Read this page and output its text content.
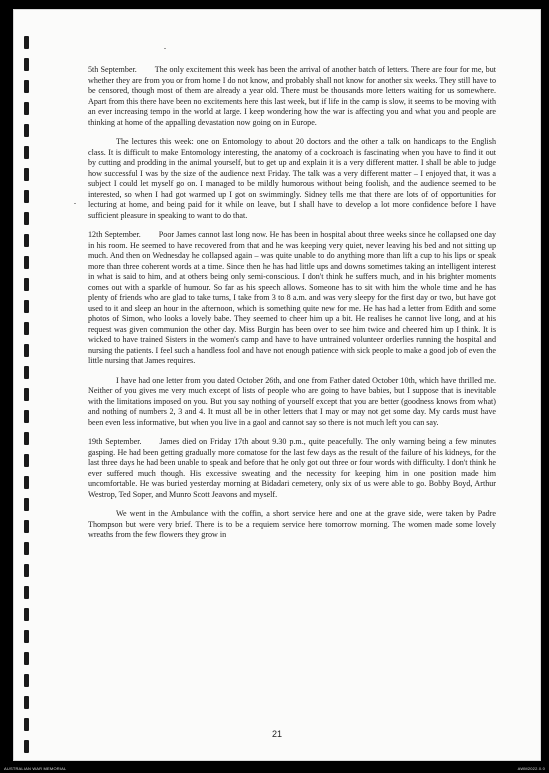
5th September. The only excitement this week has been the arrival of another batch of letters. There are four for me, but whether they are from you or from home I do not know, and probably shall not know for another six weeks. They still have to be censored, though most of them are already a year old. There must be thousands more letters waiting for us somewhere. Apart from this there have been no excitements here this last week, but if life in the camp is slow, it seems to be moving with an ever increasing tempo in the world at large. I keep wondering how the war is affecting you and what you and people are thinking at home of the appalling devastation now going on in Europe.

The lectures this week: one on Entomology to about 20 doctors and the other a talk on handicaps to the English class. It is difficult to make Entomology interesting, the anatomy of a cockroach is fascinating when you have to find it out by cutting and prodding in the animal yourself, but to get up and explain it is a very different matter. I shall be able to judge how successful I was by the size of the audience next Friday. The talk was a very different matter – I enjoyed that, it was a subject I could let myself go on. I managed to be mildly humorous without being foolish, and the audience seemed to be interested, so when I had got warmed up I got on swimmingly. Sidney tells me that there are lots of of opportunities for lecturing at home, and being paid for it while on leave, but I shall have to develop a lot more confidence before I have sufficient pleasure in speaking to want to do that.

12th September. Poor James cannot last long now. He has been in hospital about three weeks since he collapsed one day in his room. He seemed to have recovered from that and he was keeping very quiet, never leaving his bed and not sitting up much. And then on Wednesday he collapsed again – was quite unable to do anything more than lift a cup to his lips or speak more than three coherent words at a time. Since then he has had little ups and downs sometimes taking an intelligent interest in what is said to him, and at others being only semi-conscious. I don't think he suffers much, and in his brighter moments comes out with a sparkle of humour. So far as his speech allows. Someone has to sit with him the whole time and he has plenty of friends who are glad to take turns, I take from 3 to 8 a.m. and was very sleepy for the first day or two, but have got used to it and sleep an hour in the afternoon, which is something quite new for me. He has had a letter from Edith and some photos of Simon, who looks a lovely babe. They seemed to cheer him up a bit. He realises he cannot live long, and at his request was given communion the other day. Miss Burgin has been over to see him twice and cheered him up I think. It is wicked to have trained Sisters in the women's camp and have to have untrained volunteer orderlies running the hospital and nursing the patients. I feel such a handless fool and have not enough patience with sick people to make a good job of even the little nursing that James requires.

I have had one letter from you dated October 26th, and one from Father dated October 10th, which have thrilled me. Neither of you gives me very much except of lists of people who are going to have babies, but I suppose that is inevitable with the limitations imposed on you. But you say nothing of yourself except that you are better (goodness knows from what) and nothing of numbers 2, 3 and 4. It must all be in other letters that I may or may not get some day. My cards must have been even less informative, but when you live in a gaol and cannot say so there is not much left you can say.

19th September. James died on Friday 17th about 9.30 p.m., quite peacefully. The only warning being a few minutes gasping. He had been getting gradually more comatose for the last few days as the result of the failure of his kidneys, for the last three days he had been unable to speak and before that he only got out three or four words with difficulty. I don't think he ever suffered much though. His excessive sweating and the necessity for keeping him in one position made him uncomfortable. He was buried yesterday morning at Bidadari cemetery, only six of us were able to go. Bobby Boyd, Arthur Westrop, Ted Soper, and Munro Scott Jeavons and myself.

We went in the Ambulance with the coffin, a short service here and one at the grave side, were taken by Padre Thompson but were very brief. There is to be a requiem service here tomorrow morning. The women made some lovely wreaths from the few flowers they grow in

21
AUSTRALIAN WAR MEMORIAL	AWM2022.0.0
